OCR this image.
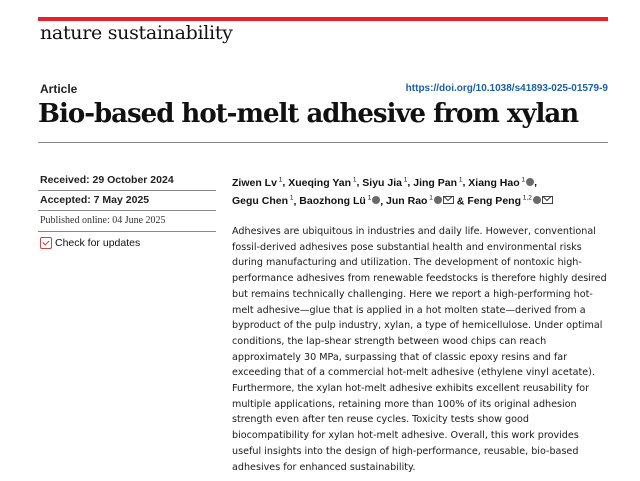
nature sustainability
Article	https://doi.org/10.1038/s41893-025-01579-9
Bio-based hot-melt adhesive from xylan
Received: 29 October 2024
Accepted: 7 May 2025
Published online: 04 June 2025
Check for updates
Ziwen Lv $^1$, Xueqing Yan $^1$, Siyu Jia $^1$, Jing Pan $^1$, Xiang Hao $^1$ , Gegu Chen $^1$, Baozhong Lü $^1$ , Jun Rao $^1$ & Feng Peng $^{1,2}$
Adhesives are ubiquitous in industries and daily life. However, conventional fossil-derived adhesives pose substantial health and environmental risks during manufacturing and utilization. The development of nontoxic high-performance adhesives from renewable feedstocks is therefore highly desired but remains technically challenging. Here we report a high-performing hot-melt adhesive—glue that is applied in a hot molten state—derived from a byproduct of the pulp industry, xylan, a type of hemicellulose. Under optimal conditions, the lap-shear strength between wood chips can reach approximately 30 MPa, surpassing that of classic epoxy resins and far exceeding that of a commercial hot-melt adhesive (ethylene vinyl acetate). Furthermore, the xylan hot-melt adhesive exhibits excellent reusability for multiple applications, retaining more than 100% of its original adhesion strength even after ten reuse cycles. Toxicity tests show good biocompatibility for xylan hot-melt adhesive. Overall, this work provides useful insights into the design of high-performance, reusable, bio-based adhesives for enhanced sustainability.
